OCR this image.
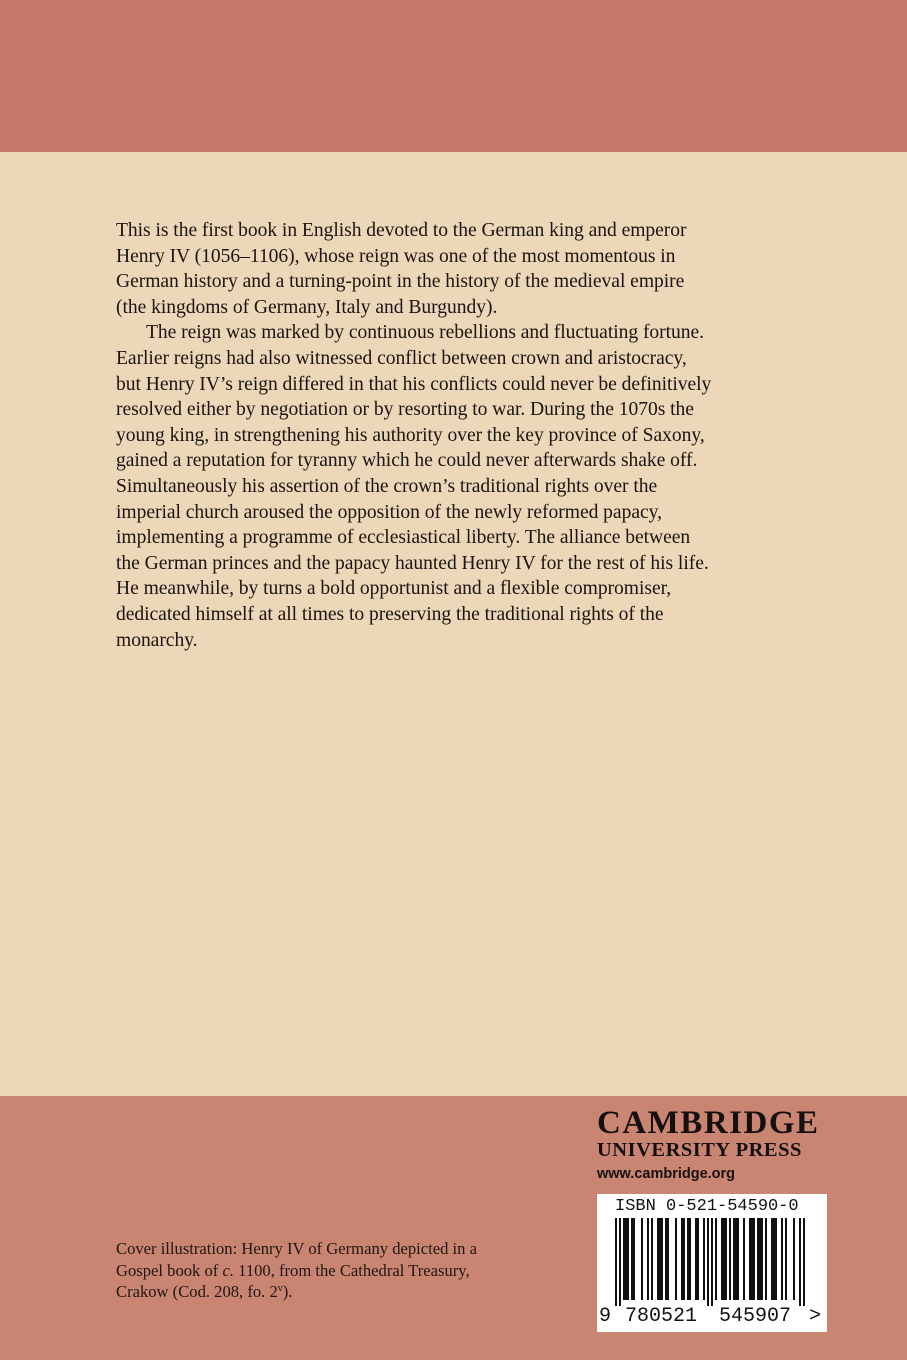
This is the first book in English devoted to the German king and emperor
Henry IV (1056–1106), whose reign was one of the most momentous in
German history and a turning-point in the history of the medieval empire
(the kingdoms of Germany, Italy and Burgundy).
The reign was marked by continuous rebellions and fluctuating fortune.
Earlier reigns had also witnessed conflict between crown and aristocracy,
but Henry IV’s reign differed in that his conflicts could never be definitively
resolved either by negotiation or by resorting to war. During the 1070s the
young king, in strengthening his authority over the key province of Saxony,
gained a reputation for tyranny which he could never afterwards shake off.
Simultaneously his assertion of the crown’s traditional rights over the
imperial church aroused the opposition of the newly reformed papacy,
implementing a programme of ecclesiastical liberty. The alliance between
the German princes and the papacy haunted Henry IV for the rest of his life.
He meanwhile, by turns a bold opportunist and a flexible compromiser,
dedicated himself at all times to preserving the traditional rights of the
monarchy.
CAMBRIDGE
UNIVERSITY PRESS
www.cambridge.org
ISBN 0-521-54590-0
9 780521 545907 >
Cover illustration: Henry IV of Germany depicted in a
Gospel book of c. 1100, from the Cathedral Treasury,
Crakow (Cod. 208, fo. 2$^v$).
